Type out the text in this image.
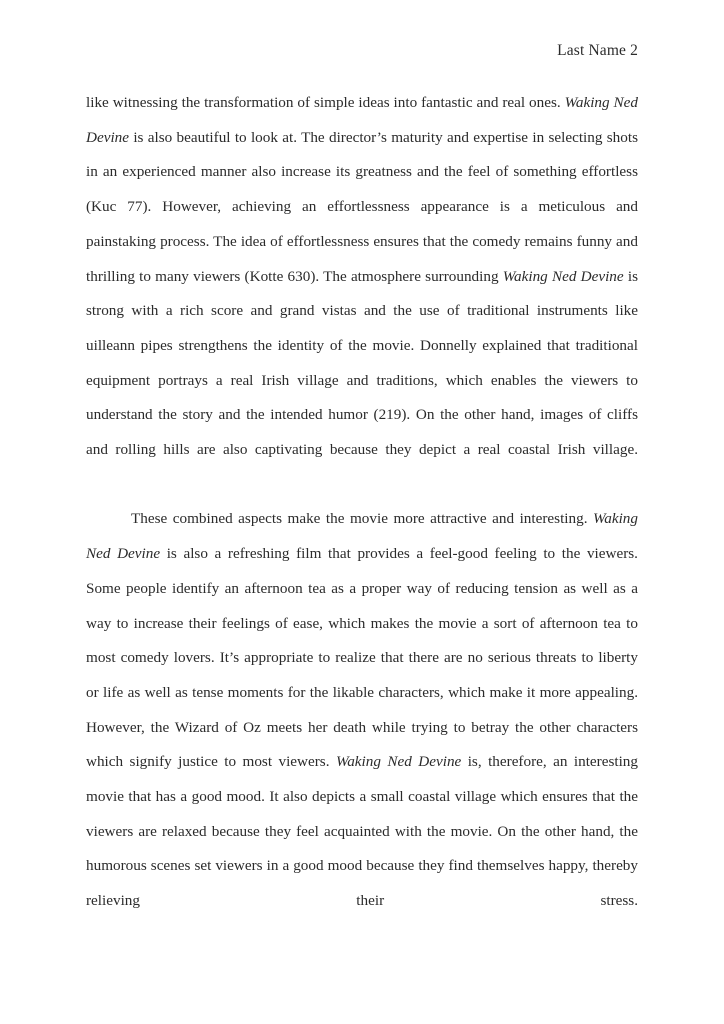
Last Name 2

like witnessing the transformation of simple ideas into fantastic and real ones. Waking Ned Devine is also beautiful to look at. The director’s maturity and expertise in selecting shots in an experienced manner also increase its greatness and the feel of something effortless (Kuc 77). However, achieving an effortlessness appearance is a meticulous and painstaking process. The idea of effortlessness ensures that the comedy remains funny and thrilling to many viewers (Kotte 630). The atmosphere surrounding Waking Ned Devine is strong with a rich score and grand vistas and the use of traditional instruments like uilleann pipes strengthens the identity of the movie. Donnelly explained that traditional equipment portrays a real Irish village and traditions, which enables the viewers to understand the story and the intended humor (219). On the other hand, images of cliffs and rolling hills are also captivating because they depict a real coastal Irish village.

These combined aspects make the movie more attractive and interesting. Waking Ned Devine is also a refreshing film that provides a feel-good feeling to the viewers. Some people identify an afternoon tea as a proper way of reducing tension as well as a way to increase their feelings of ease, which makes the movie a sort of afternoon tea to most comedy lovers. It’s appropriate to realize that there are no serious threats to liberty or life as well as tense moments for the likable characters, which make it more appealing. However, the Wizard of Oz meets her death while trying to betray the other characters which signify justice to most viewers. Waking Ned Devine is, therefore, an interesting movie that has a good mood. It also depicts a small coastal village which ensures that the viewers are relaxed because they feel acquainted with the movie. On the other hand, the humorous scenes set viewers in a good mood because they find themselves happy, thereby relieving their stress.
